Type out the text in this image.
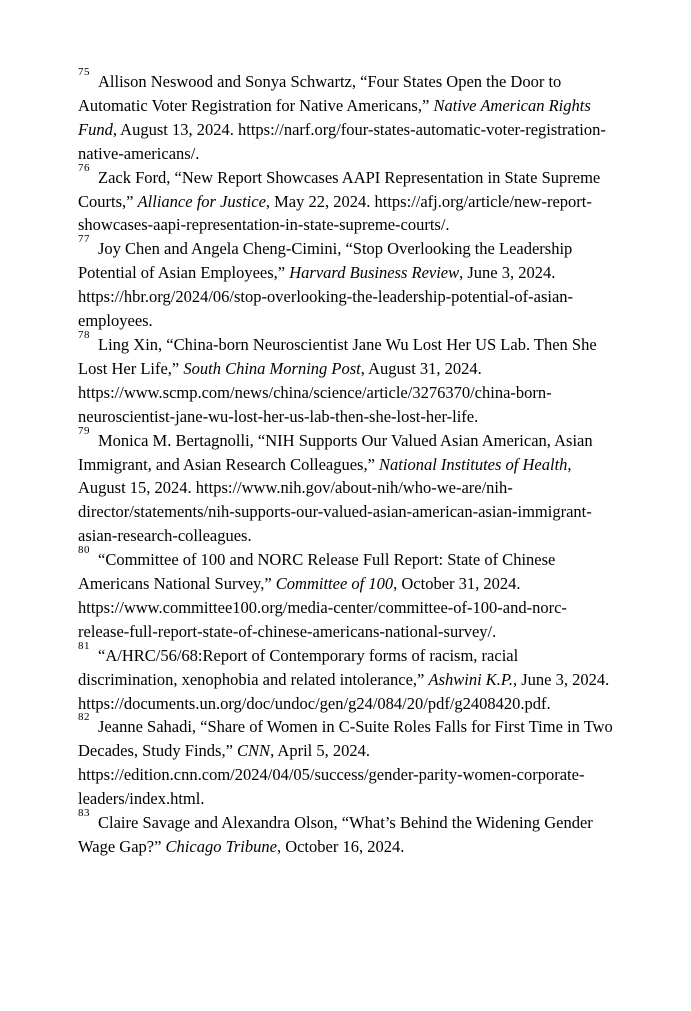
$^{75}$ Allison Neswood and Sonya Schwartz, “Four States Open the Door to Automatic Voter Registration for Native Americans,” Native American Rights Fund, August 13, 2024. https://narf.org/four-states-automatic-voter-registration-native-americans/.

$^{76}$ Zack Ford, “New Report Showcases AAPI Representation in State Supreme Courts,” Alliance for Justice, May 22, 2024. https://afj.org/article/new-report-showcases-aapi-representation-in-state-supreme-courts/.

$^{77}$ Joy Chen and Angela Cheng-Cimini, “Stop Overlooking the Leadership Potential of Asian Employees,” Harvard Business Review, June 3, 2024. https://hbr.org/2024/06/stop-overlooking-the-leadership-potential-of-asian-employees.

$^{78}$ Ling Xin, “China-born Neuroscientist Jane Wu Lost Her US Lab. Then She Lost Her Life,” South China Morning Post, August 31, 2024. https://www.scmp.com/news/china/science/article/3276370/china-born-neuroscientist-jane-wu-lost-her-us-lab-then-she-lost-her-life.

$^{79}$ Monica M. Bertagnolli, “NIH Supports Our Valued Asian American, Asian Immigrant, and Asian Research Colleagues,” National Institutes of Health, August 15, 2024. https://www.nih.gov/about-nih/who-we-are/nih-director/statements/nih-supports-our-valued-asian-american-asian-immigrant-asian-research-colleagues.

$^{80}$ “Committee of 100 and NORC Release Full Report: State of Chinese Americans National Survey,” Committee of 100, October 31, 2024. https://www.committee100.org/media-center/committee-of-100-and-norc-release-full-report-state-of-chinese-americans-national-survey/.

$^{81}$ “A/HRC/56/68:Report of Contemporary forms of racism, racial discrimination, xenophobia and related intolerance,” Ashwini K.P., June 3, 2024. https://documents.un.org/doc/undoc/gen/g24/084/20/pdf/g2408420.pdf.

$^{82}$ Jeanne Sahadi, “Share of Women in C-Suite Roles Falls for First Time in Two Decades, Study Finds,” CNN, April 5, 2024. https://edition.cnn.com/2024/04/05/success/gender-parity-women-corporate-leaders/index.html.

$^{83}$ Claire Savage and Alexandra Olson, “What’s Behind the Widening Gender Wage Gap?” Chicago Tribune, October 16, 2024.
